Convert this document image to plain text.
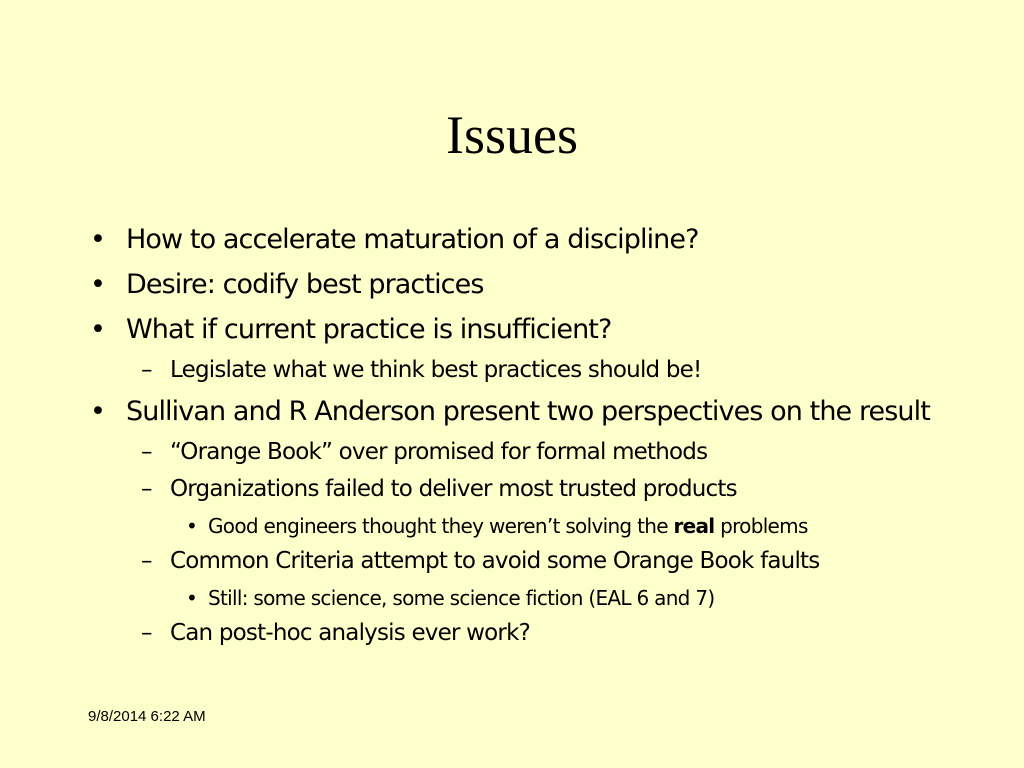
Issues
• How to accelerate maturation of a discipline?
• Desire: codify best practices
• What if current practice is insufficient?
– Legislate what we think best practices should be!
• Sullivan and R Anderson present two perspectives on the result
– “Orange Book” over promised for formal methods
– Organizations failed to deliver most trusted products
• Good engineers thought they weren’t solving the real problems
– Common Criteria attempt to avoid some Orange Book faults
• Still: some science, some science fiction (EAL 6 and 7)
– Can post-hoc analysis ever work?
9/8/2014 6:22 AM
